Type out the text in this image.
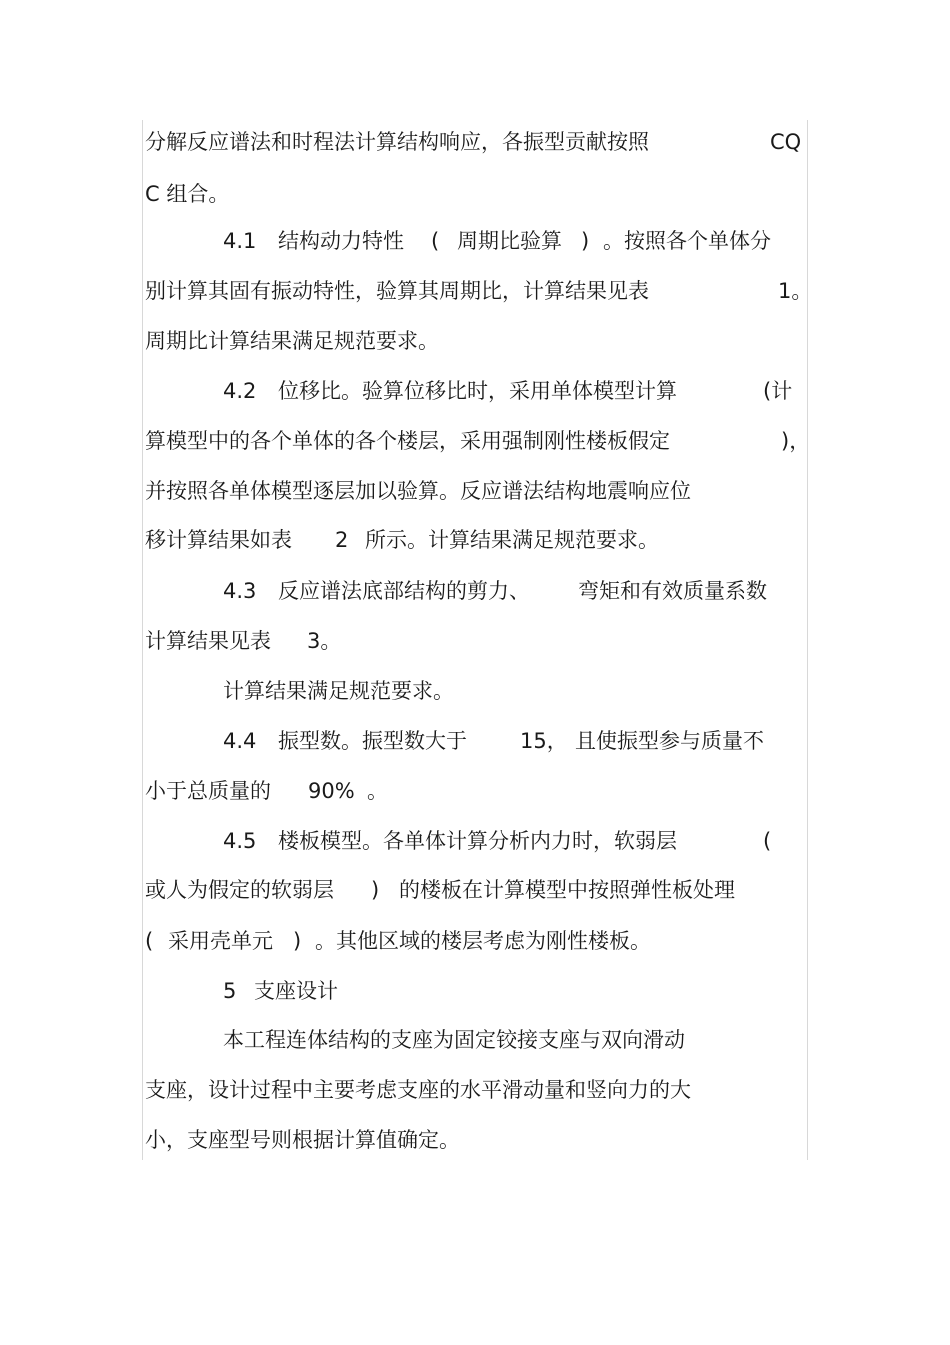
分解反应谱法和时程法计算结构响应，各振型贡献按照	CQ
C 组合。
4.1 结构动力特性 ( 周期比验算 ) 。按照各个单体分
别计算其固有振动特性，验算其周期比，计算结果见表	1。
周期比计算结果满足规范要求。
4.2 位移比。验算位移比时，采用单体模型计算	(计
算模型中的各个单体的各个楼层，采用强制刚性楼板假定	)，
并按照各单体模型逐层加以验算。反应谱法结构地震响应位
移计算结果如表 2 所示。计算结果满足规范要求。
4.3 反应谱法底部结构的剪力、 弯矩和有效质量系数
计算结果见表 3。
计算结果满足规范要求。
4.4 振型数。振型数大于	15， 且使振型参与质量不
小于总质量的 90% 。
4.5 楼板模型。各单体计算分析内力时，软弱层	(
或人为假定的软弱层 ) 的楼板在计算模型中按照弹性板处理
( 采用壳单元 ) 。其他区域的楼层考虑为刚性楼板。
5 支座设计
本工程连体结构的支座为固定铰接支座与双向滑动
支座，设计过程中主要考虑支座的水平滑动量和竖向力的大
小，支座型号则根据计算值确定。
